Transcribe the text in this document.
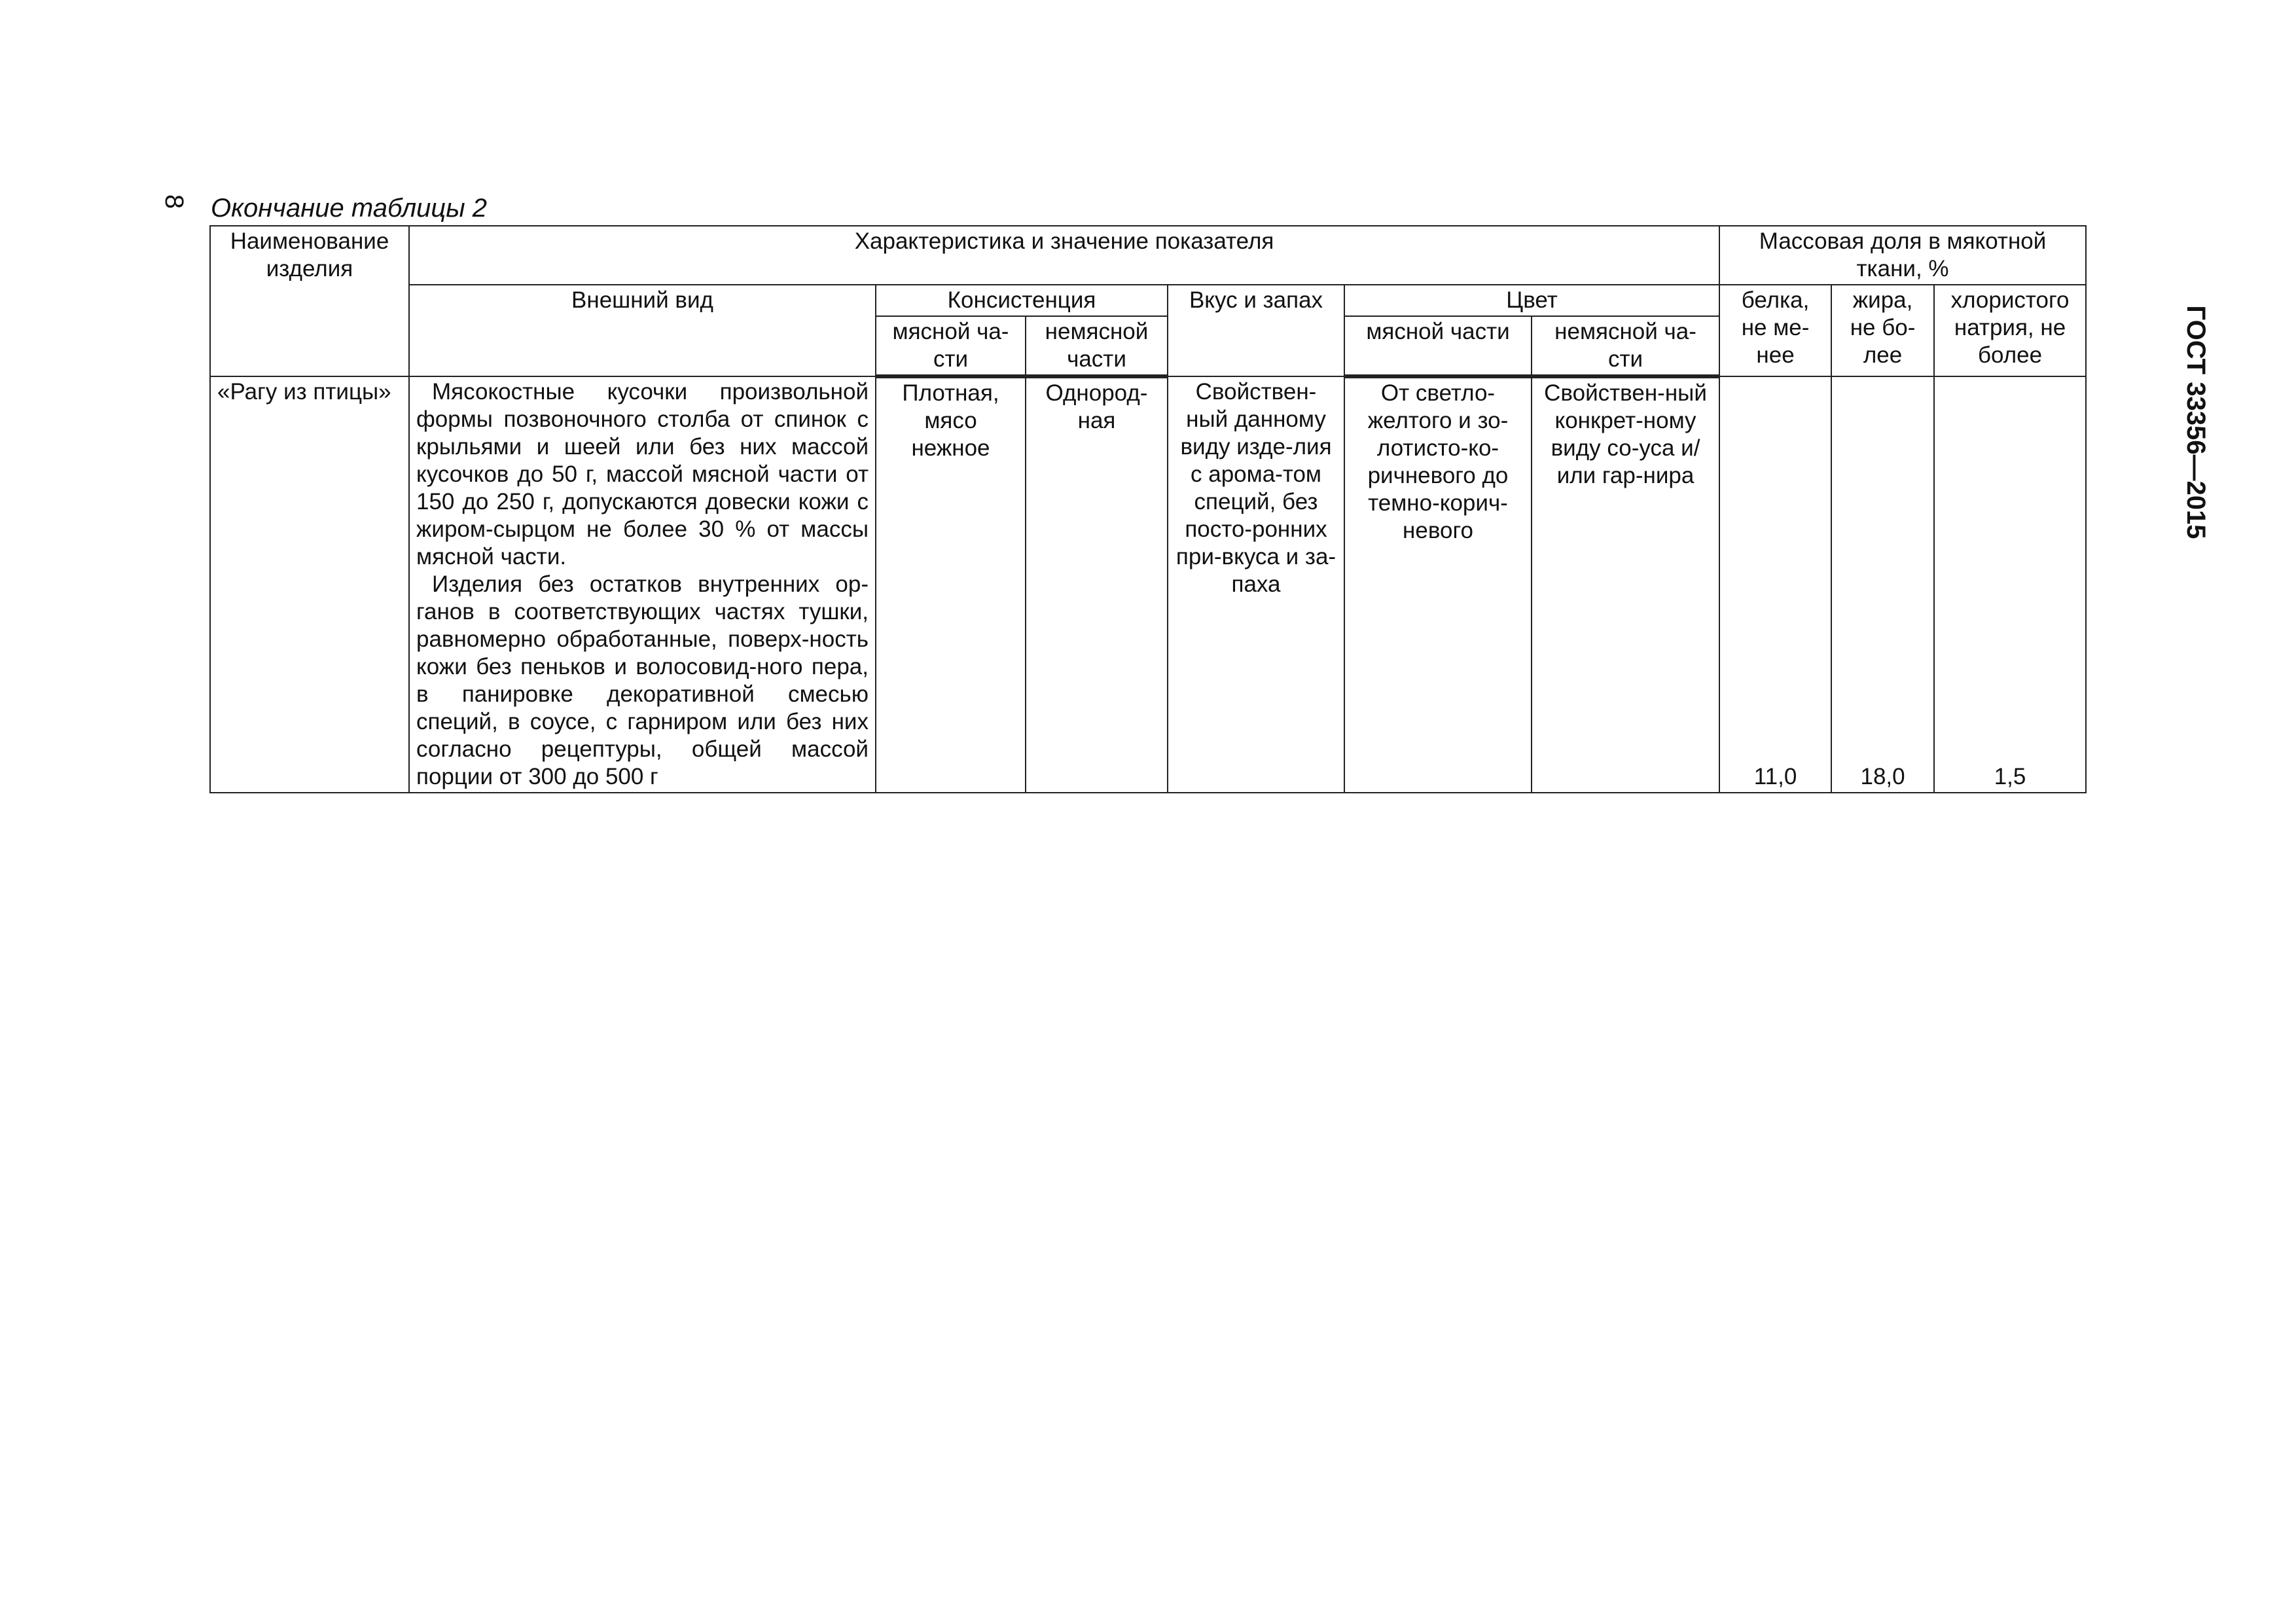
8
ГОСТ 33356—2015
Окончание таблицы 2
Наименование изделия	Характеристика и значение показателя						Массовая доля в мякотной ткани, %		
	Внешний вид	Консистенция		Вкус и запах	Цвет		белка, не ме-нее	жира, не бо-лее	хлористого натрия, не более
		мясной ча-сти	немясной части		мясной части	немясной ча-сти			
«Рагу из птицы»	Мясокостные кусочки произвольной формы позвоночного столба от спинок с крыльями и шеей или без них массой кусочков до 50 г, массой мясной части от 150 до 250 г, допускаются довески кожи с жиром-сырцом не более 30 % от массы мясной части.
Изделия без остатков внутренних ор-ганов в соответствующих частях тушки, равномерно обработанные, поверх-ность кожи без пеньков и волосовид-ного пера, в панировке декоративной смесью специй, в соусе, с гарниром или без них согласно рецептуры, общей массой порции от 300 до 500 г	Плотная, мясо нежное	Однород-ная	Свойствен-ный данному виду изде-лия с арома-том специй, без посто-ронних при-вкуса и за-паха	От светло-желтого и зо-лотисто-ко-ричневого до темно-корич-невого	Свойствен-ный конкрет-ному виду со-уса и/или гар-нира	11,0	18,0	1,5
